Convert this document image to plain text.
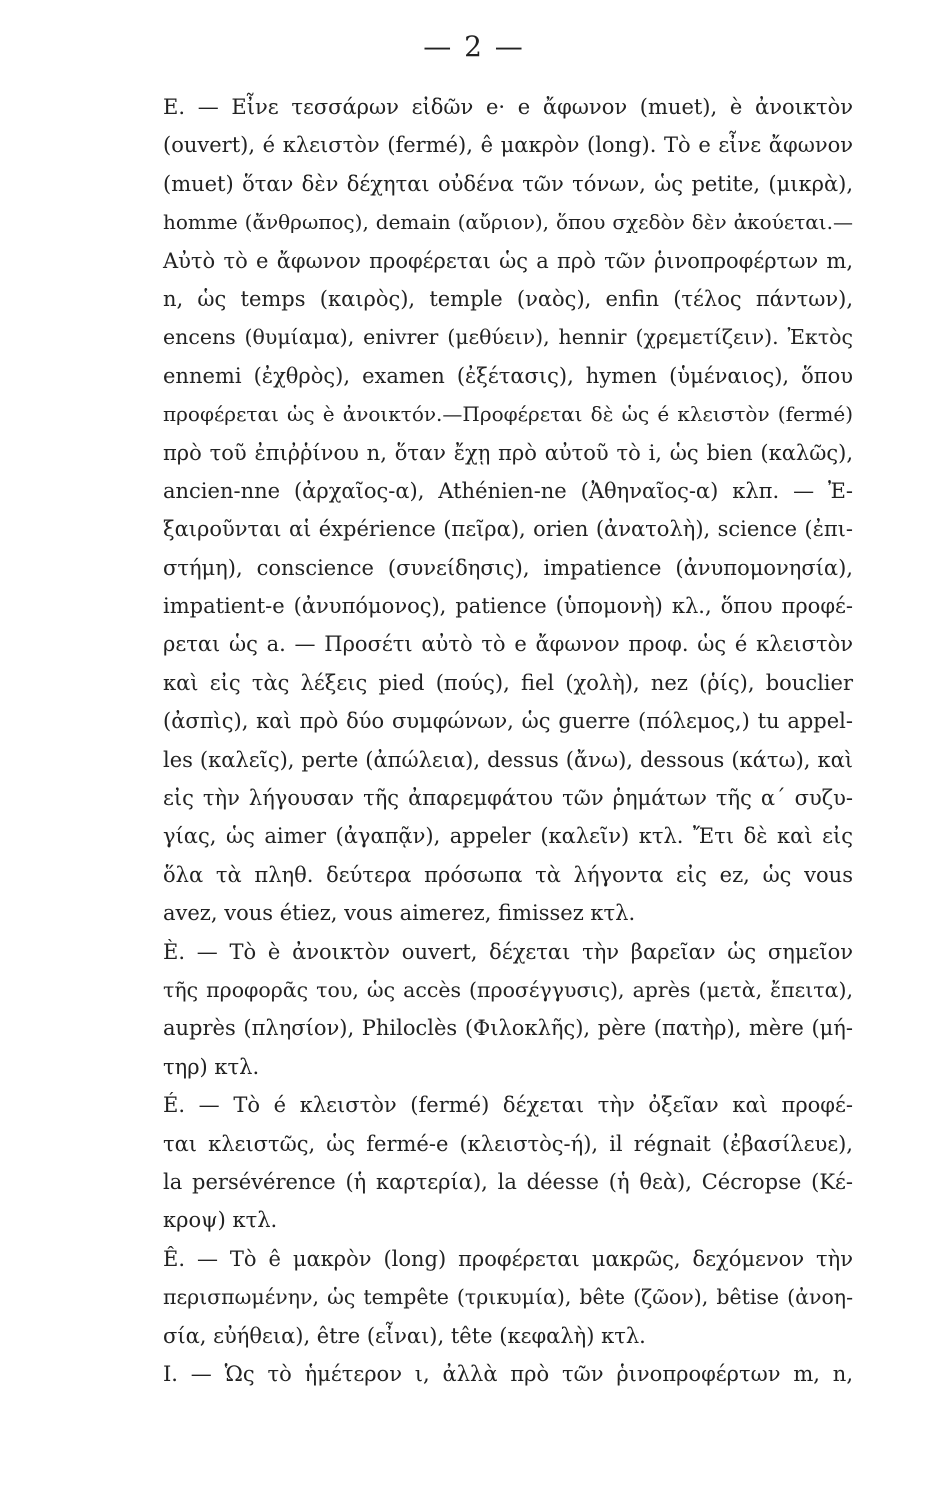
— 2 —
E. — Εἶνε τεσσάρων εἰδῶν e· e ἄφωνον (muet), è ἀνοικτὸν
(ouvert), é κλειστὸν (fermé), ê μακρὸν (long). Τὸ e εἶνε ἄφωνον
(muet) ὅταν δὲν δέχηται οὐδένα τῶν τόνων, ὡς petite, (μικρὰ),
homme (ἄνθρωπος), demain (αὔριον), ὅπου σχεδὸν δὲν ἀκούεται.—
Αὐτὸ τὸ e ἄφωνον προφέρεται ὡς a πρὸ τῶν ῥινοπροφέρτων m,
n, ὡς temps (καιρὸς), temple (ναὸς), enfin (τέλος πάντων),
encens (θυμίαμα), enivrer (μεθύειν), hennir (χρεμετίζειν). Ἐκτὸς
ennemi (ἐχθρὸς), examen (ἐξέτασις), hymen (ὑμέναιος), ὅπου
προφέρεται ὡς è ἀνοικτόν.—Προφέρεται δὲ ὡς é κλειστὸν (fermé)
πρὸ τοῦ ἐπιῤῥίνου n, ὅταν ἔχῃ πρὸ αὐτοῦ τὸ i, ὡς bien (καλῶς),
ancien-nne (ἀρχαῖος-α), Athénien-ne (Ἀθηναῖος-α) κλπ. — Ἐ-
ξαιροῦνται αἱ éxpérience (πεῖρα), orien (ἀνατολὴ), science (ἐπι-
στήμη), conscience (συνείδησις), impatience (ἀνυπομονησία),
impatient-e (ἀνυπόμονος), patience (ὑπομονὴ) κλ., ὅπου προφέ-
ρεται ὡς a. — Προσέτι αὐτὸ τὸ e ἄφωνον προφ. ὡς é κλειστὸν
καὶ εἰς τὰς λέξεις pied (πούς), fiel (χολὴ), nez (ῥίς), bouclier
(ἀσπὶς), καὶ πρὸ δύο συμφώνων, ὡς guerre (πόλεμος,) tu appel-
les (καλεῖς), perte (ἀπώλεια), dessus (ἄνω), dessous (κάτω), καὶ
εἰς τὴν λήγουσαν τῆς ἀπαρεμφάτου τῶν ῥημάτων τῆς α΄ συζυ-
γίας, ὡς aimer (ἀγαπᾷν), appeler (καλεῖν) κτλ. Ἔτι δὲ καὶ εἰς
ὅλα τὰ πληθ. δεύτερα πρόσωπα τὰ λήγοντα εἰς ez, ὡς vous
avez, vous étiez, vous aimerez, fimissez κτλ.
È. — Τὸ è ἀνοικτὸν ouvert, δέχεται τὴν βαρεῖαν ὡς σημεῖον
τῆς προφορᾶς του, ὡς accès (προσέγγυσις), après (μετὰ, ἔπειτα),
auprès (πλησίον), Philoclès (Φιλοκλῆς), père (πατὴρ), mère (μή-
τηρ) κτλ.
É. — Τὸ é κλειστὸν (fermé) δέχεται τὴν ὀξεῖαν καὶ προφέ-
ται κλειστῶς, ὡς fermé-e (κλειστὸς-ή), il régnait (ἐβασίλευε),
la persévérence (ἡ καρτερία), la déesse (ἡ θεὰ), Cécropse (Κέ-
κροψ) κτλ.
Ê. — Τὸ ê μακρὸν (long) προφέρεται μακρῶς, δεχόμενον τὴν
περισπωμένην, ὡς tempête (τρικυμία), bête (ζῶον), bêtise (ἀνοη-
σία, εὐήθεια), être (εἶναι), tête (κεφαλὴ) κτλ.
I. — Ὡς τὸ ἡμέτερον ι, ἀλλὰ πρὸ τῶν ῥινοπροφέρτων m, n,
